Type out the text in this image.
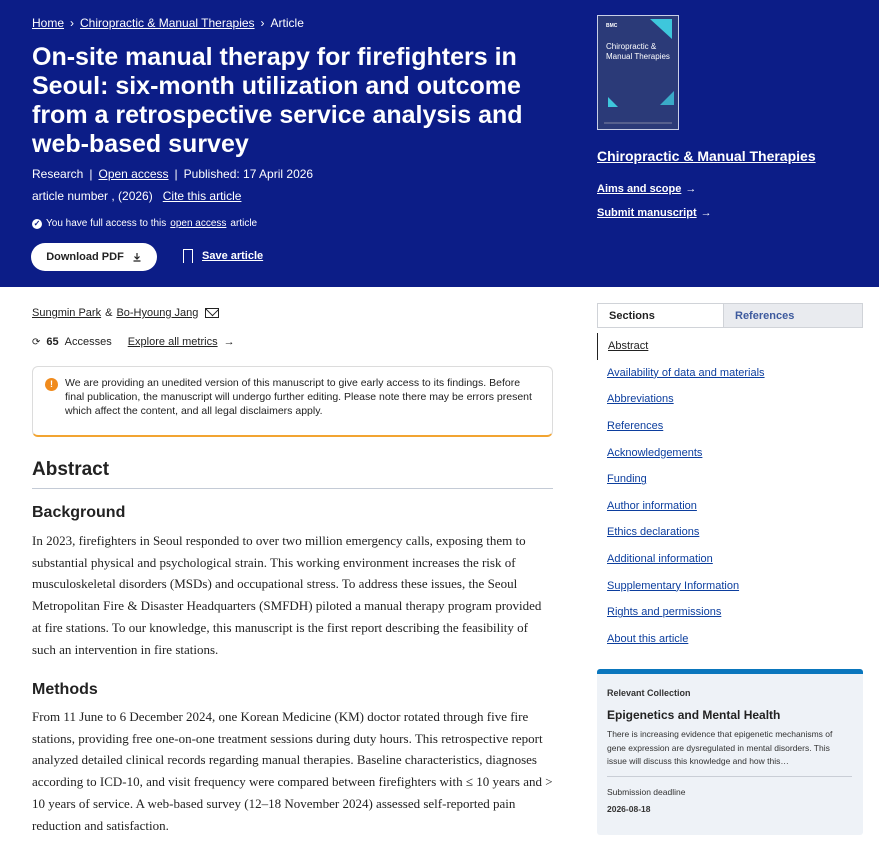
Home › Chiropractic & Manual Therapies › Article
On-site manual therapy for firefighters in Seoul: six-month utilization and outcome from a retrospective service analysis and web-based survey
Research | Open access | Published: 17 April 2026
article number , (2026) Cite this article
✓ You have full access to this open access article
Download PDF	Save article
BMC
Chiropractic & Manual Therapies
Chiropractic & Manual Therapies
Aims and scope →
Submit manuscript →
Sungmin Park & Bo-Hyoung Jang
⟳ 65 Accesses Explore all metrics →
!	We are providing an unedited version of this manuscript to give early access to its findings. Before final publication, the manuscript will undergo further editing. Please note there may be errors present which affect the content, and all legal disclaimers apply.
Abstract
Background

In 2023, firefighters in Seoul responded to over two million emergency calls, exposing them to substantial physical and psychological strain. This working environment increases the risk of musculoskeletal disorders (MSDs) and occupational stress. To address these issues, the Seoul Metropolitan Fire & Disaster Headquarters (SMFDH) piloted a manual therapy program provided at fire stations. To our knowledge, this manuscript is the first report describing the feasibility of such an intervention in fire stations.

Methods

From 11 June to 6 December 2024, one Korean Medicine (KM) doctor rotated through five fire stations, providing free one-on-one treatment sessions during duty hours. This retrospective report analyzed detailed clinical records regarding manual therapies. Baseline characteristics, diagnoses according to ICD-10, and visit frequency were compared between firefighters with ≤ 10 years and > 10 years of service. A web-based survey (12–18 November 2024) assessed self-reported pain reduction and satisfaction.

Sections	References
Abstract
Availability of data and materials
Abbreviations
References
Acknowledgements
Funding
Author information
Ethics declarations
Additional information
Supplementary Information
Rights and permissions
About this article
Relevant Collection
Epigenetics and Mental Health
There is increasing evidence that epigenetic mechanisms of gene expression are dysregulated in mental disorders. This issue will discuss this knowledge and how this…
Submission deadline
2026-08-18
